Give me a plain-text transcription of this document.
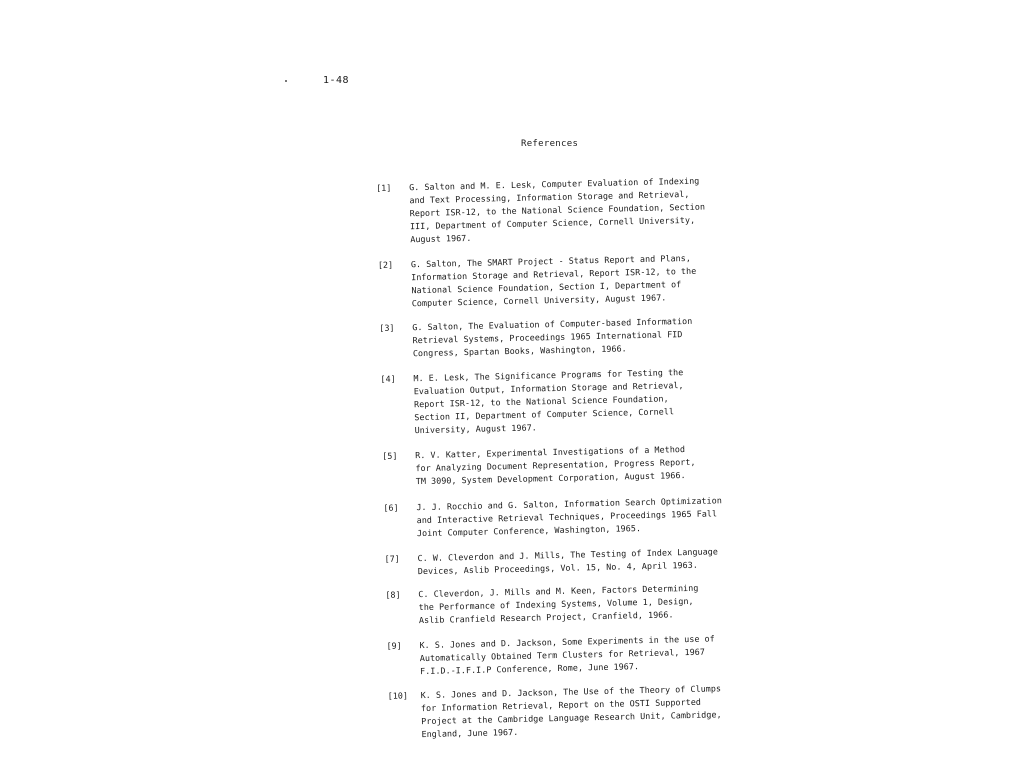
1-48
References
[1]	G. Salton and M. E. Lesk, Computer Evaluation of Indexing
and Text Processing, Information Storage and Retrieval,
Report ISR-12, to the National Science Foundation, Section
III, Department of Computer Science, Cornell University,
August 1967.
[2]	G. Salton, The SMART Project - Status Report and Plans,
Information Storage and Retrieval, Report ISR-12, to the
National Science Foundation, Section I, Department of
Computer Science, Cornell University, August 1967.
[3]	G. Salton, The Evaluation of Computer-based Information
Retrieval Systems, Proceedings 1965 International FID
Congress, Spartan Books, Washington, 1966.
[4]	M. E. Lesk, The Significance Programs for Testing the
Evaluation Output, Information Storage and Retrieval,
Report ISR-12, to the National Science Foundation,
Section II, Department of Computer Science, Cornell
University, August 1967.
[5]	R. V. Katter, Experimental Investigations of a Method
for Analyzing Document Representation, Progress Report,
TM 3090, System Development Corporation, August 1966.
[6]	J. J. Rocchio and G. Salton, Information Search Optimization
and Interactive Retrieval Techniques, Proceedings 1965 Fall
Joint Computer Conference, Washington, 1965.
[7]	C. W. Cleverdon and J. Mills, The Testing of Index Language
Devices, Aslib Proceedings, Vol. 15, No. 4, April 1963.
[8]	C. Cleverdon, J. Mills and M. Keen, Factors Determining
the Performance of Indexing Systems, Volume 1, Design,
Aslib Cranfield Research Project, Cranfield, 1966.
[9]	K. S. Jones and D. Jackson, Some Experiments in the use of
Automatically Obtained Term Clusters for Retrieval, 1967
F.I.D.-I.F.I.P Conference, Rome, June 1967.
[10]	K. S. Jones and D. Jackson, The Use of the Theory of Clumps
for Information Retrieval, Report on the OSTI Supported
Project at the Cambridge Language Research Unit, Cambridge,
England, June 1967.
